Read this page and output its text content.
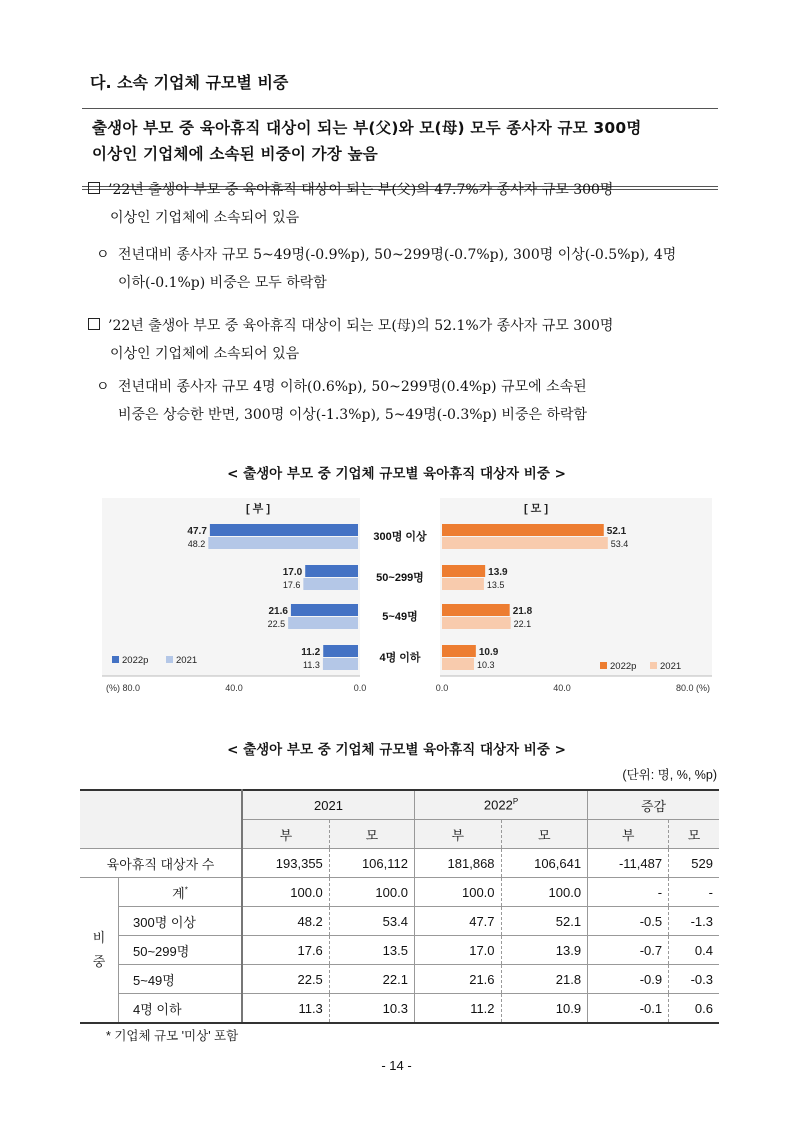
다. 소속 기업체 규모별 비중
출생아 부모 중 육아휴직 대상이 되는 부(父)와 모(母) 모두 종사자 규모 300명
이상인 기업체에 소속된 비중이 가장 높음
’22년 출생아 부모 중 육아휴직 대상이 되는 부(父)의 47.7%가 종사자 규모 300명
이상인 기업체에 소속되어 있음
ㅇ 전년대비 종사자 규모 5~49명(-0.9%p), 50~299명(-0.7%p), 300명 이상(-0.5%p), 4명
이하(-0.1%p) 비중은 모두 하락함
’22년 출생아 부모 중 육아휴직 대상이 되는 모(母)의 52.1%가 종사자 규모 300명
이상인 기업체에 소속되어 있음
ㅇ 전년대비 종사자 규모 4명 이하(0.6%p), 50~299명(0.4%p) 규모에 소속된
비중은 상승한 반면, 300명 이상(-1.3%p), 5~49명(-0.3%p) 비중은 하락함
< 출생아 부모 중 기업체 규모별 육아휴직 대상자 비중 >
[ 부 ]	[ 모 ]
300명 이상
47.7
48.2
52.1
53.4
50~299명
17.0
17.6
13.9
13.5
5~49명
21.6
22.5
21.8
22.1
4명 이하
11.2
11.3
10.9
10.3
(%) 80.0	40.0	0.0	0.0	40.0	80.0 (%)
2022p	2021
2022p 2021
< 출생아 부모 중 기업체 규모별 육아휴직 대상자 비중 >
(단위: 명, %, %p)
		2021		$2022^P$		증감	
		부	모	부	모	부	모
육아휴직 대상자 수		193,355	106,112	181,868	106,641	-11,487	529
비
중	계*	100.0	100.0	100.0	100.0	-	-
	300명 이상	48.2	53.4	47.7	52.1	-0.5	-1.3
	50~299명	17.6	13.5	17.0	13.9	-0.7	0.4
	5~49명	22.5	22.1	21.6	21.8	-0.9	-0.3
	4명 이하	11.3	10.3	11.2	10.9	-0.1	0.6
* 기업체 규모 '미상' 포함
- 14 -
